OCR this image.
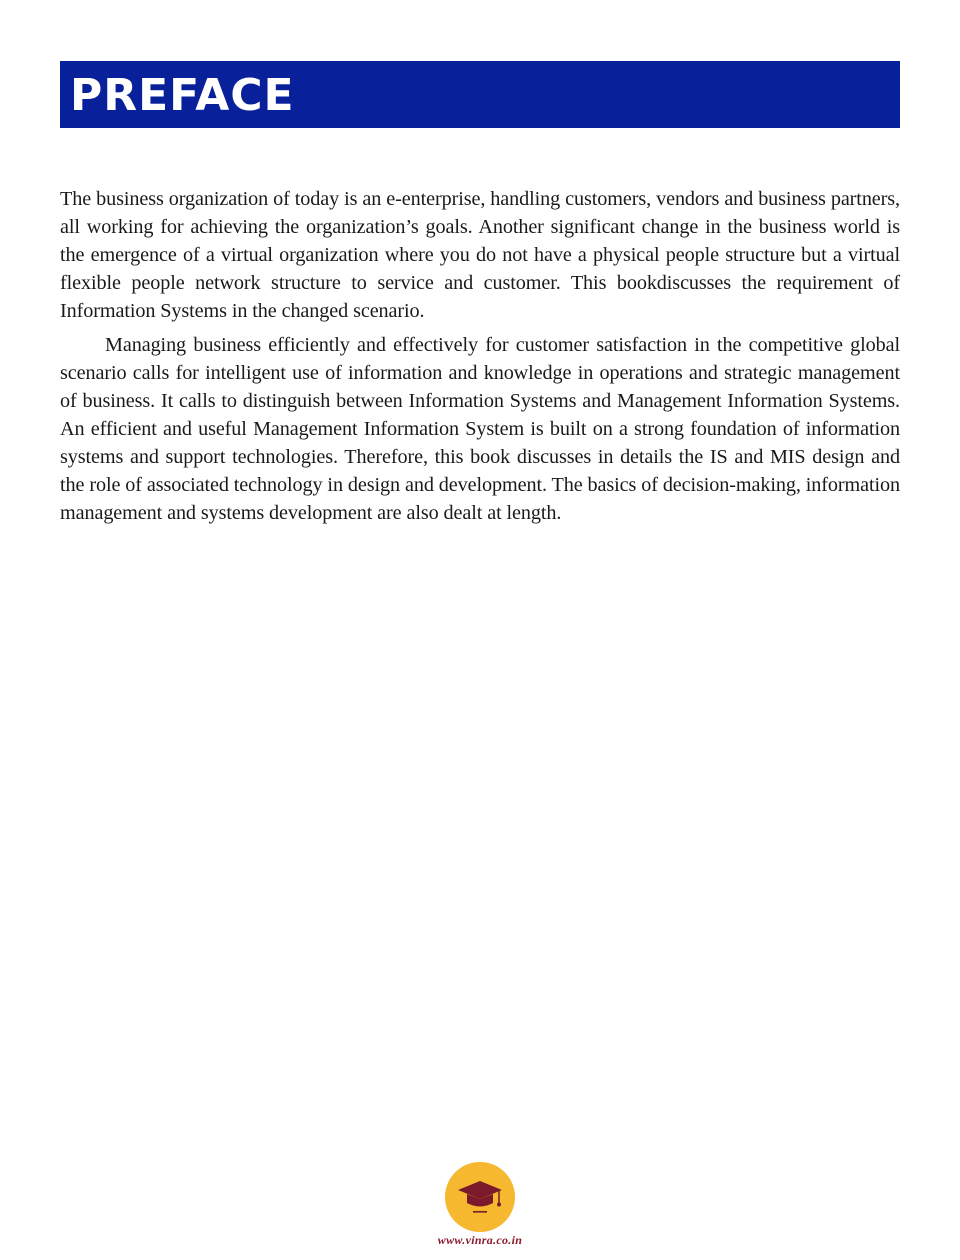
PREFACE

The business organization of today is an e-enterprise, handling customers, vendors and business partners, all working for achieving the organization’s goals. Another significant change in the business world is the emergence of a virtual organization where you do not have a physical people structure but a virtual flexible people network structure to service and customer. This bookdiscusses the requirement of Information Systems in the changed scenario.

Managing business efficiently and effectively for customer satisfaction in the competitive global scenario calls for intelligent use of information and knowledge in operations and strategic management of business. It calls to distinguish between Information Systems and Management Information Systems. An efficient and useful Management Information System is built on a strong foundation of information systems and support technologies. Therefore, this book discusses in details the IS and MIS design and the role of associated technology in design and development. The basics of decision-making, information management and systems development are also dealt at length.

www.vinra.co.in
